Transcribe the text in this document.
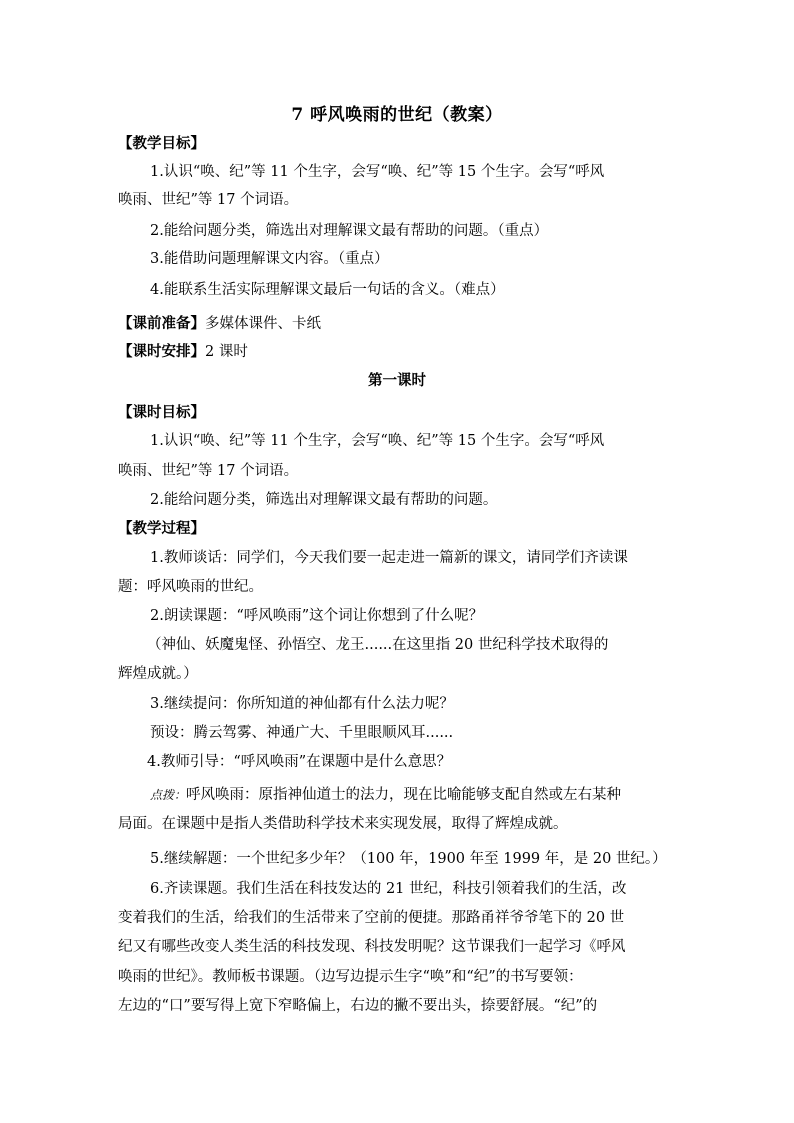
7 呼风唤雨的世纪（教案）
【教学目标】
1.认识“唤、纪”等 11 个生字，会写“唤、纪”等 15 个生字。会写“呼风
唤雨、世纪”等 17 个词语。
2.能给问题分类，筛选出对理解课文最有帮助的问题。（重点）
3.能借助问题理解课文内容。（重点）
4.能联系生活实际理解课文最后一句话的含义。（难点）
【课前准备】多媒体课件、卡纸
【课时安排】2 课时
第一课时
【课时目标】
1.认识“唤、纪”等 11 个生字，会写“唤、纪”等 15 个生字。会写“呼风
唤雨、世纪”等 17 个词语。
2.能给问题分类，筛选出对理解课文最有帮助的问题。
【教学过程】
1.教师谈话：同学们，今天我们要一起走进一篇新的课文，请同学们齐读课
题：呼风唤雨的世纪。
2.朗读课题：“呼风唤雨”这个词让你想到了什么呢？
（神仙、妖魔鬼怪、孙悟空、龙王......在这里指 20 世纪科学技术取得的
辉煌成就。）
3.继续提问：你所知道的神仙都有什么法力呢？
预设：腾云驾雾、神通广大、千里眼顺风耳......
4.教师引导：“呼风唤雨”在课题中是什么意思？
点拨：呼风唤雨：原指神仙道士的法力，现在比喻能够支配自然或左右某种
局面。在课题中是指人类借助科学技术来实现发展，取得了辉煌成就。
5.继续解题：一个世纪多少年？（100 年，1900 年至 1999 年，是 20 世纪。）
6.齐读课题。我们生活在科技发达的 21 世纪，科技引领着我们的生活，改
变着我们的生活，给我们的生活带来了空前的便捷。那路甬祥爷爷笔下的 20 世
纪又有哪些改变人类生活的科技发现、科技发明呢？这节课我们一起学习《呼风
唤雨的世纪》。教师板书课题。（边写边提示生字“唤”和“纪”的书写要领：
左边的“口”要写得上宽下窄略偏上，右边的撇不要出头，捺要舒展。“纪”的
